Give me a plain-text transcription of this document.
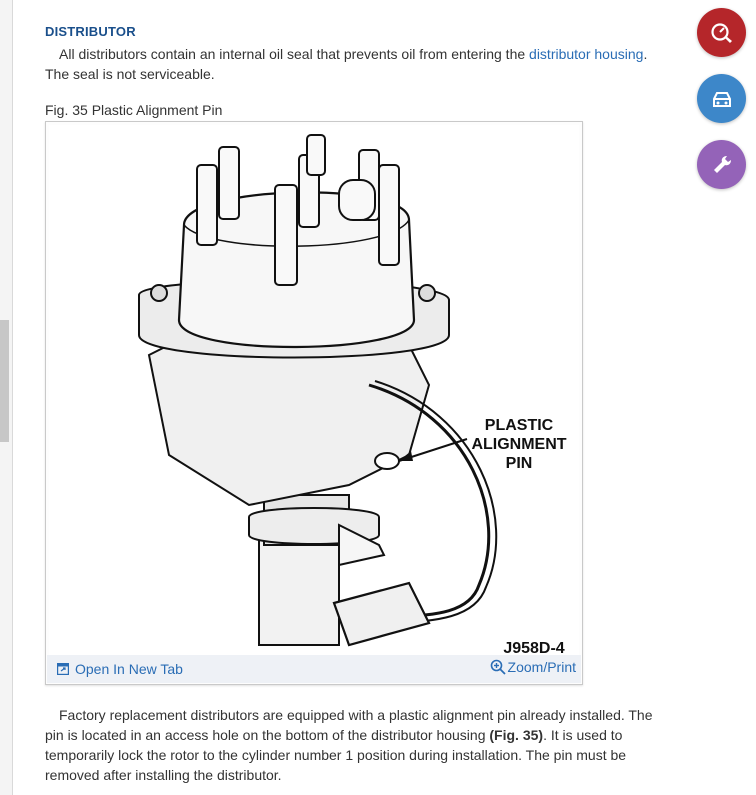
DISTRIBUTOR

All distributors contain an internal oil seal that prevents oil from entering the distributor housing. The seal is not serviceable.

Fig. 35 Plastic Alignment Pin
PLASTIC
ALIGNMENT
PIN
J958D-4
Open In New Tab	Zoom/Print

Factory replacement distributors are equipped with a plastic alignment pin already installed. The pin is located in an access hole on the bottom of the distributor housing (Fig. 35). It is used to temporarily lock the rotor to the cylinder number 1 position during installation. The pin must be removed after installing the distributor.
